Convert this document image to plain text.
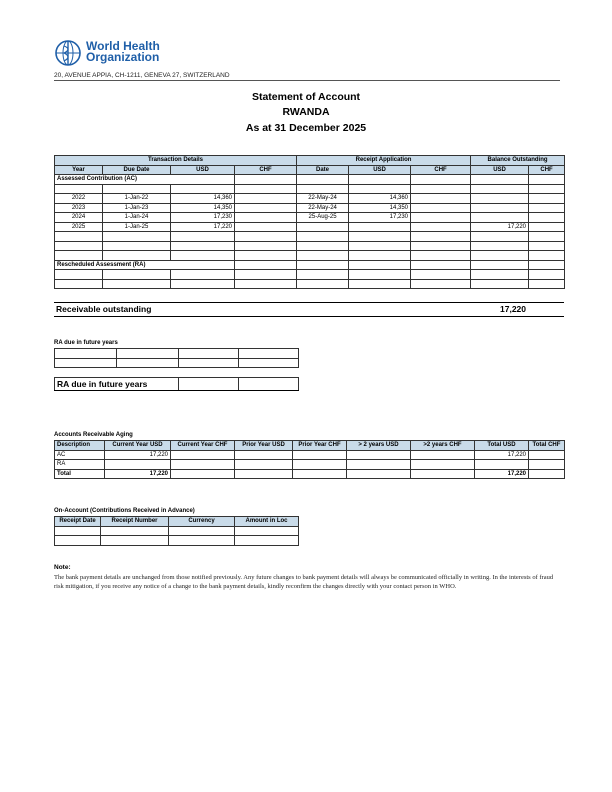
World Health
Organization
20, AVENUE APPIA, CH-1211, GENEVA 27, SWITZERLAND
Statement of Account
RWANDA
As at 31 December 2025
Transaction Details				Receipt Application			Balance Outstanding	
Year	Due Date	USD	CHF	Date	USD	CHF	USD	CHF
Assessed Contribution (AC)								

2022	1-Jan-22	14,360		22-May-24	14,360			
2023	1-Jan-23	14,350		22-May-24	14,350			
2024	1-Jan-24	17,230		25-Aug-25	17,230			
2025	1-Jan-25	17,220					17,220	

Rescheduled Assessment (RA)								

Receivable outstanding	17,220
RA due in future years

RA due in future years		
Accounts Receivable Aging
Description	Current Year USD	Current Year CHF	Prior Year USD	Prior Year CHF	> 2 years USD	>2 years CHF	Total USD	Total CHF
AC	17,220						17,220	
RA								
Total	17,220						17,220	
On-Account (Contributions Received in Advance)
Receipt Date	Receipt Number	Currency	Amount in Loc

Note:
The bank payment details are unchanged from those notified previously. Any future changes to bank payment details will always be communicated officially in writing. In the interests of fraud risk mitigation, if you receive any notice of a change to the bank payment details, kindly reconfirm the changes directly with your contact person in WHO.
